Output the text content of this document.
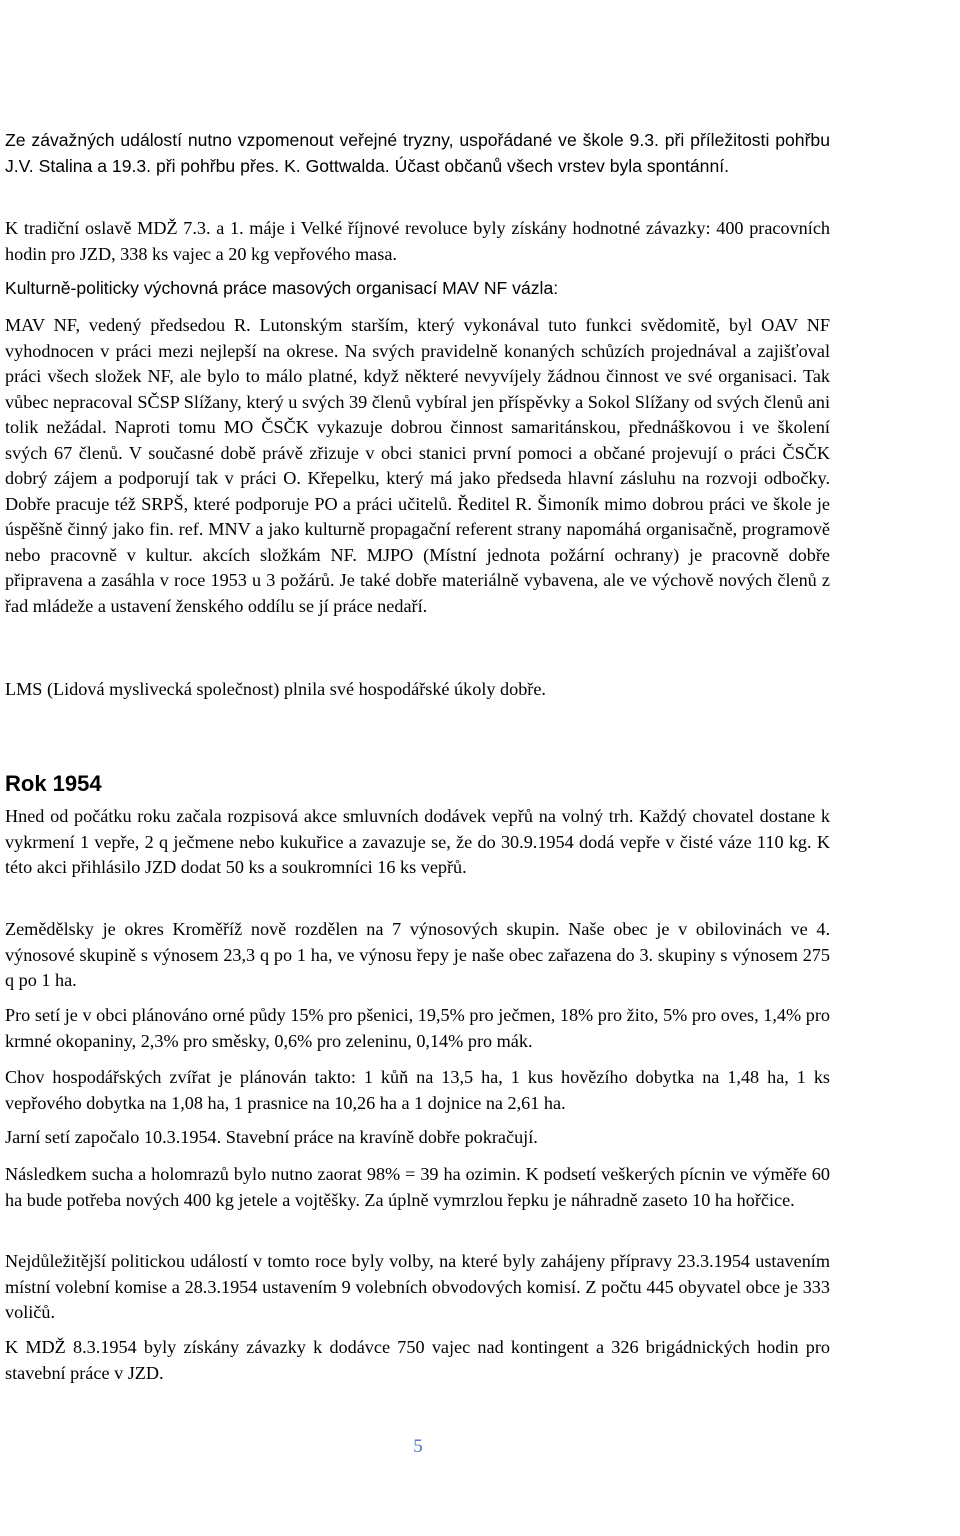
Ze závažných událostí nutno vzpomenout veřejné tryzny, uspořádané ve škole 9.3. při příležitosti pohřbu J.V. Stalina a 19.3. při pohřbu přes. K. Gottwalda. Účast občanů všech vrstev byla spontánní.

K tradiční oslavě MDŽ 7.3. a 1. máje i Velké říjnové revoluce byly získány hodnotné závazky: 400 pracovních hodin pro JZD, 338 ks vajec a 20 kg vepřového masa.

Kulturně-politicky výchovná práce masových organisací MAV NF vázla:

MAV NF, vedený předsedou R. Lutonským starším, který vykonával tuto funkci svědomitě, byl OAV NF vyhodnocen v práci mezi nejlepší na okrese. Na svých pravidelně konaných schůzích projednával a zajišťoval práci všech složek NF, ale bylo to málo platné, když některé nevyvíjely žádnou činnost ve své organisaci. Tak vůbec nepracoval SČSP Slížany, který u svých 39 členů vybíral jen příspěvky a Sokol Slížany od svých členů ani tolik nežádal. Naproti tomu MO ČSČK vykazuje dobrou činnost samaritánskou, přednáškovou i ve školení svých 67 členů. V současné době právě zřizuje v obci stanici první pomoci a občané projevují o práci ČSČK dobrý zájem a podporují tak v práci O. Křepelku, který má jako předseda hlavní zásluhu na rozvoji odbočky. Dobře pracuje též SRPŠ, které podporuje PO a práci učitelů. Ředitel R. Šimoník mimo dobrou práci ve škole je úspěšně činný jako fin. ref. MNV a jako kulturně propagační referent strany napomáhá organisačně, programově nebo pracovně v kultur. akcích složkám NF. MJPO (Místní jednota požární ochrany) je pracovně dobře připravena a zasáhla v roce 1953 u 3 požárů. Je také dobře materiálně vybavena, ale ve výchově nových členů z řad mládeže a ustavení ženského oddílu se jí práce nedaří.

LMS (Lidová myslivecká společnost) plnila své hospodářské úkoly dobře.

Rok 1954

Hned od počátku roku začala rozpisová akce smluvních dodávek vepřů na volný trh. Každý chovatel dostane k vykrmení 1 vepře, 2 q ječmene nebo kukuřice a zavazuje se, že do 30.9.1954 dodá vepře v čisté váze 110 kg. K této akci přihlásilo JZD dodat 50 ks a soukromníci 16 ks vepřů.

Zemědělsky je okres Kroměříž nově rozdělen na 7 výnosových skupin. Naše obec je v obilovinách ve 4. výnosové skupině s výnosem 23,3 q po 1 ha, ve výnosu řepy je naše obec zařazena do 3. skupiny s výnosem 275 q po 1 ha.

Pro setí je v obci plánováno orné půdy 15% pro pšenici, 19,5% pro ječmen, 18% pro žito, 5% pro oves, 1,4% pro krmné okopaniny, 2,3% pro směsky, 0,6% pro zeleninu, 0,14% pro mák.

Chov hospodářských zvířat je plánován takto: 1 kůň na 13,5 ha, 1 kus hovězího dobytka na 1,48 ha, 1 ks vepřového dobytka na 1,08 ha, 1 prasnice na 10,26 ha a 1 dojnice na 2,61 ha.

Jarní setí započalo 10.3.1954. Stavební práce na kravíně dobře pokračují.

Následkem sucha a holomrazů bylo nutno zaorat 98% = 39 ha ozimin. K podsetí veškerých pícnin ve výměře 60 ha bude potřeba nových 400 kg jetele a vojtěšky. Za úplně vymrzlou řepku je náhradně zaseto 10 ha hořčice.

Nejdůležitější politickou událostí v tomto roce byly volby, na které byly zahájeny přípravy 23.3.1954 ustavením místní volební komise a 28.3.1954 ustavením 9 volebních obvodových komisí. Z počtu 445 obyvatel obce je 333 voličů.

K MDŽ 8.3.1954 byly získány závazky k dodávce 750 vajec nad kontingent a 326 brigádnických hodin pro stavební práce v JZD.

5
